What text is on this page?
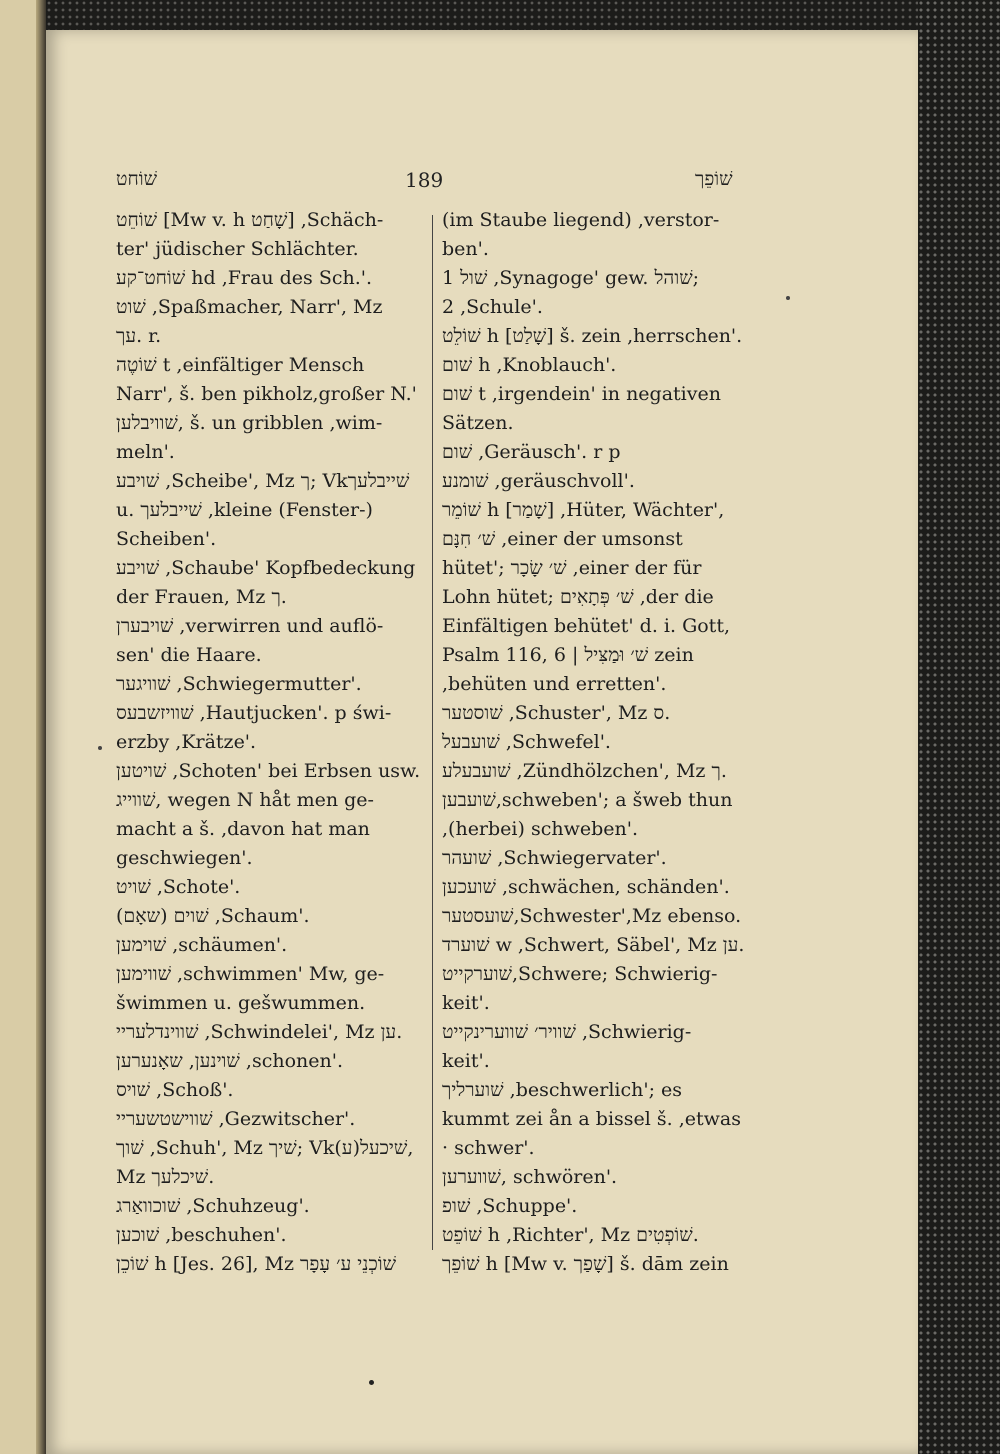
שׁוֹחט	189	שׁוֹפֵך
שׁוֹחֵט [Mw v. h שָׁחַט] ,Schäch-
ter' jüdischer Schlächter.
שׁוֹחט־קע hd ,Frau des Sch.'.
שׁוט ,Spaßmacher, Narr', Mz
עך. r.
שׁוֹטֶה t ,einfältiger Mensch
Narr', š. ben pikholz,großer N.'
שׁוויבלען, š. un gribblen ,wim-
meln'.
שׁויבע ,Scheibe', Mz ך; Vkשׁייבלעך
u. שׁייבלעך ,kleine (Fenster-)
Scheiben'.
שׁויבע ,Schaube' Kopfbedeckung
der Frauen, Mz ך.
שׁויבערן ,verwirren und auflö-
sen' die Haare.
שׁוויגער ,Schwiegermutter'.
שׁוויזשבעס ,Hautjucken'. p świ-
erzby ,Krätze'.
שׁויטען ,Schoten' bei Erbsen usw.
שׁווייג, wegen N håt men ge-
macht a š. ,davon hat man
geschwiegen'.
שׁויט ,Schote'.
שׁוים (שאָם) ,Schaum'.
שׁוימען ,schäumen'.
שׁווימען ,schwimmen' Mw, ge-
šwimmen u. gešwummen.
שׁווינדלעריי ,Schwindelei', Mz ען.
שׁוינען, שאָנערען ,schonen'.
שׁויס ,Schoß'.
שׁווישטשעריי ,Gezwitscher'.
שׁוך ,Schuh', Mz שׁיך; Vk(ע)שׁיכעל,
Mz שׁיכלעך.
שׁוכוואַרג ,Schuhzeug'.
שׁוכען ,beschuhen'.
שׁוֹכֵן h [Jes. 26], Mz שׁוֹכְנֵי ע׳ עָפָר
(im Staube liegend) ,verstor-
ben'.
שׁול 1 ,Synagoge' gew. שׁוהל;
2 ,Schule'.
שׁוֹלֵט h [שָׁלַט] š. zein ,herrschen'.
שׁום h ,Knoblauch'.
שׁום t ,irgendein' in negativen
Sätzen.
שׁום ,Geräusch'. r p
שׁומנע ,geräuschvoll'.
שׁוֹמֵר h [שָׁמַר] ,Hüter, Wächter',
שׁ׳ חִנָּם ,einer der umsonst
hütet'; שׁ׳ שָׂכָר ,einer der für
Lohn hütet; שׁ׳ פְּתָאִים ,der die
Einfältigen behütet' d. i. Gott,
Psalm 116, 6 | שׁ׳ וּמַצִּיל zein
,behüten und erretten'.
שׁוסטער ,Schuster', Mz ס.
שׁועבעל ,Schwefel'.
שׁועבעלע ,Zündhölzchen', Mz ך.
שׁועבען,schweben'; a šweb thun
,(herbei) schweben'.
שׁועהר ,Schwiegervater'.
שׁועכען ,schwächen, schänden'.
שׁועסטער,Schwester',Mz ebenso.
שׁוערד w ,Schwert, Säbel', Mz ען.
שׁוערקייט,Schwere; Schwierig-
keit'.
שׁוויר׳ שׁווערינקייט ,Schwierig-
keit'.
שׁוערליך ,beschwerlich'; es
kummt zei ån a bissel š. ,etwas
· schwer'.
שׁווערען, schwören'.
שׁופ ,Schuppe'.
שׁוֹפֵט h ,Richter', Mz שׁוֹפְטִים.
שׁוֹפֵך h [Mw v. שָׁפַך] š. dām zein
